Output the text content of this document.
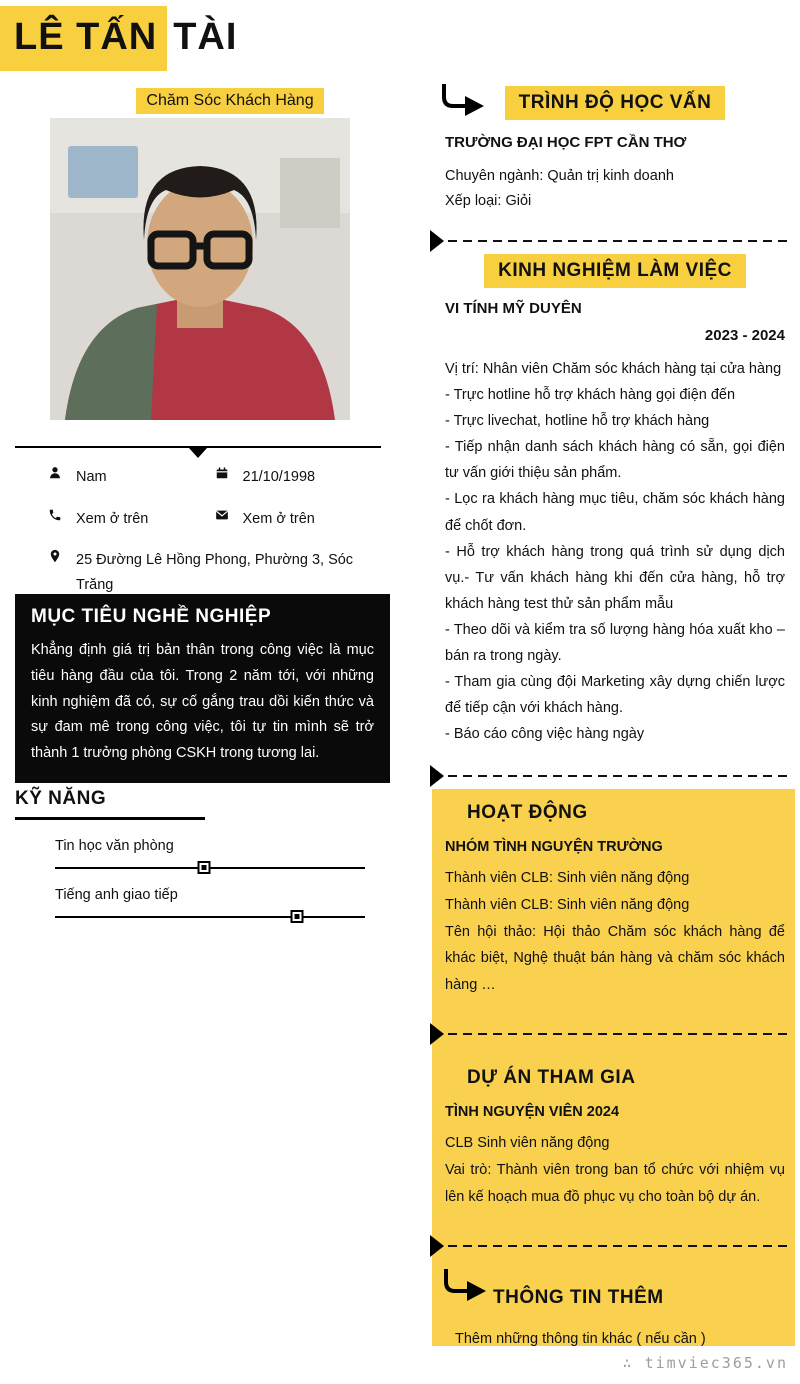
LÊ TẤN TÀI
Chăm Sóc Khách Hàng
Nam	21/10/1998
Xem ở trên	Xem ở trên
25 Đường Lê Hồng Phong, Phường 3, Sóc Trăng
MỤC TIÊU NGHỀ NGHIỆP
Khẳng định giá trị bản thân trong công việc là mục tiêu hàng đầu của tôi. Trong 2 năm tới, với những kinh nghiệm đã có, sự cố gắng trau dồi kiến thức và sự đam mê trong công việc, tôi tự tin mình sẽ trở thành 1 trưởng phòng CSKH trong tương lai.
KỸ NĂNG
Tin học văn phòng
Tiếng anh giao tiếp
TRÌNH ĐỘ HỌC VẤN
TRƯỜNG ĐẠI HỌC FPT CẦN THƠ
Chuyên ngành: Quản trị kinh doanh
Xếp loại: Giỏi
KINH NGHIỆM LÀM VIỆC
VI TÍNH MỸ DUYÊN
2023 - 2024
Vị trí: Nhân viên Chăm sóc khách hàng tại cửa hàng
- Trực hotline hỗ trợ khách hàng gọi điện đến
- Trực livechat, hotline hỗ trợ khách hàng
- Tiếp nhận danh sách khách hàng có sẵn, gọi điện tư vấn giới thiệu sản phẩm.
- Lọc ra khách hàng mục tiêu, chăm sóc khách hàng để chốt đơn.
- Hỗ trợ khách hàng trong quá trình sử dụng dịch vụ.- Tư vấn khách hàng khi đến cửa hàng, hỗ trợ khách hàng test thử sản phẩm mẫu
- Theo dõi và kiểm tra số lượng hàng hóa xuất kho – bán ra trong ngày.
- Tham gia cùng đội Marketing xây dựng chiến lược để tiếp cận với khách hàng.
- Báo cáo công việc hàng ngày
HOẠT ĐỘNG
NHÓM TÌNH NGUYỆN TRƯỜNG
Thành viên CLB: Sinh viên năng động
Thành viên CLB: Sinh viên năng động
Tên hội thảo: Hội thảo Chăm sóc khách hàng để khác biệt, Nghệ thuật bán hàng và chăm sóc khách hàng …
DỰ ÁN THAM GIA
TÌNH NGUYỆN VIÊN 2024
CLB Sinh viên năng động
Vai trò: Thành viên trong ban tổ chức với nhiệm vụ lên kế hoạch mua đồ phục vụ cho toàn bộ dự án.
THÔNG TIN THÊM
Thêm những thông tin khác ( nếu cần )
∴ timviec365.vn
